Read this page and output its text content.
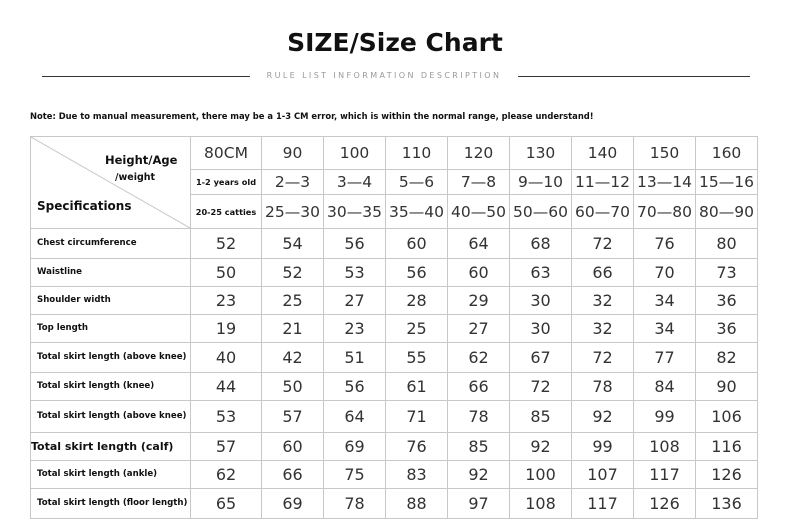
SIZE/Size Chart
RULE LIST INFORMATION DESCRIPTION
Note: Due to manual measurement, there may be a 1-3 CM error, which is within the normal range, please understand!
Height/Age
/weight
Specifications	80CM	90	100	110	120	130	140	150	160
	1-2 years old	2—3	3—4	5—6	7—8	9—10	11—12	13—14	15—16
	20-25 catties	25—30	30—35	35—40	40—50	50—60	60—70	70—80	80—90
Chest circumference	52	54	56	60	64	68	72	76	80
Waistline	50	52	53	56	60	63	66	70	73
Shoulder width	23	25	27	28	29	30	32	34	36
Top length	19	21	23	25	27	30	32	34	36
Total skirt length (above knee)	40	42	51	55	62	67	72	77	82
Total skirt length (knee)	44	50	56	61	66	72	78	84	90
Total skirt length (above knee)	53	57	64	71	78	85	92	99	106
Total skirt length (calf)	57	60	69	76	85	92	99	108	116
Total skirt length (ankle)	62	66	75	83	92	100	107	117	126
Total skirt length (floor length)	65	69	78	88	97	108	117	126	136
